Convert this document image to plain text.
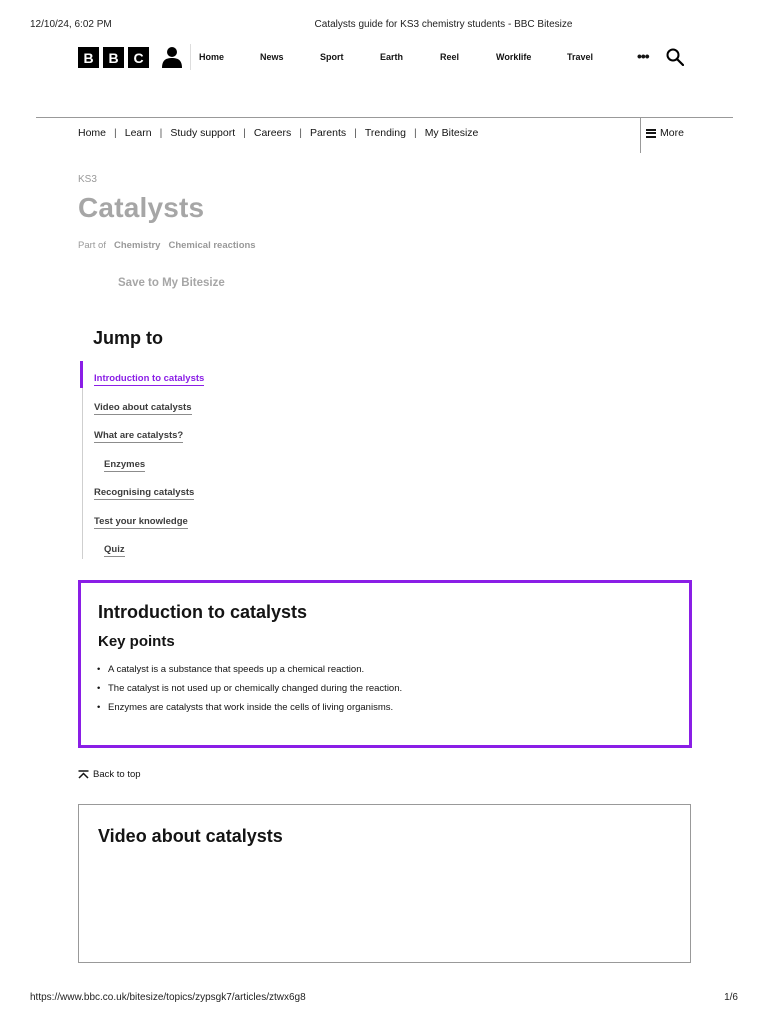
12/10/24, 6:02 PM	Catalysts guide for KS3 chemistry students - BBC Bitesize
B	B	C	Home	News	Sport	Earth	Reel	Worklife	Travel	•••
Home | Learn | Study support | Careers | Parents | Trending | My Bitesize	More
KS3
Catalysts
Part of Chemistry Chemical reactions
Save to My Bitesize
Jump to
Introduction to catalysts
Video about catalysts
What are catalysts?
Enzymes
Recognising catalysts
Test your knowledge
Quiz
Introduction to catalysts
Key points
• A catalyst is a substance that speeds up a chemical reaction.
• The catalyst is not used up or chemically changed during the reaction.
• Enzymes are catalysts that work inside the cells of living organisms.
Back to top
Video about catalysts
https://www.bbc.co.uk/bitesize/topics/zypsgk7/articles/ztwx6g8	1/6
